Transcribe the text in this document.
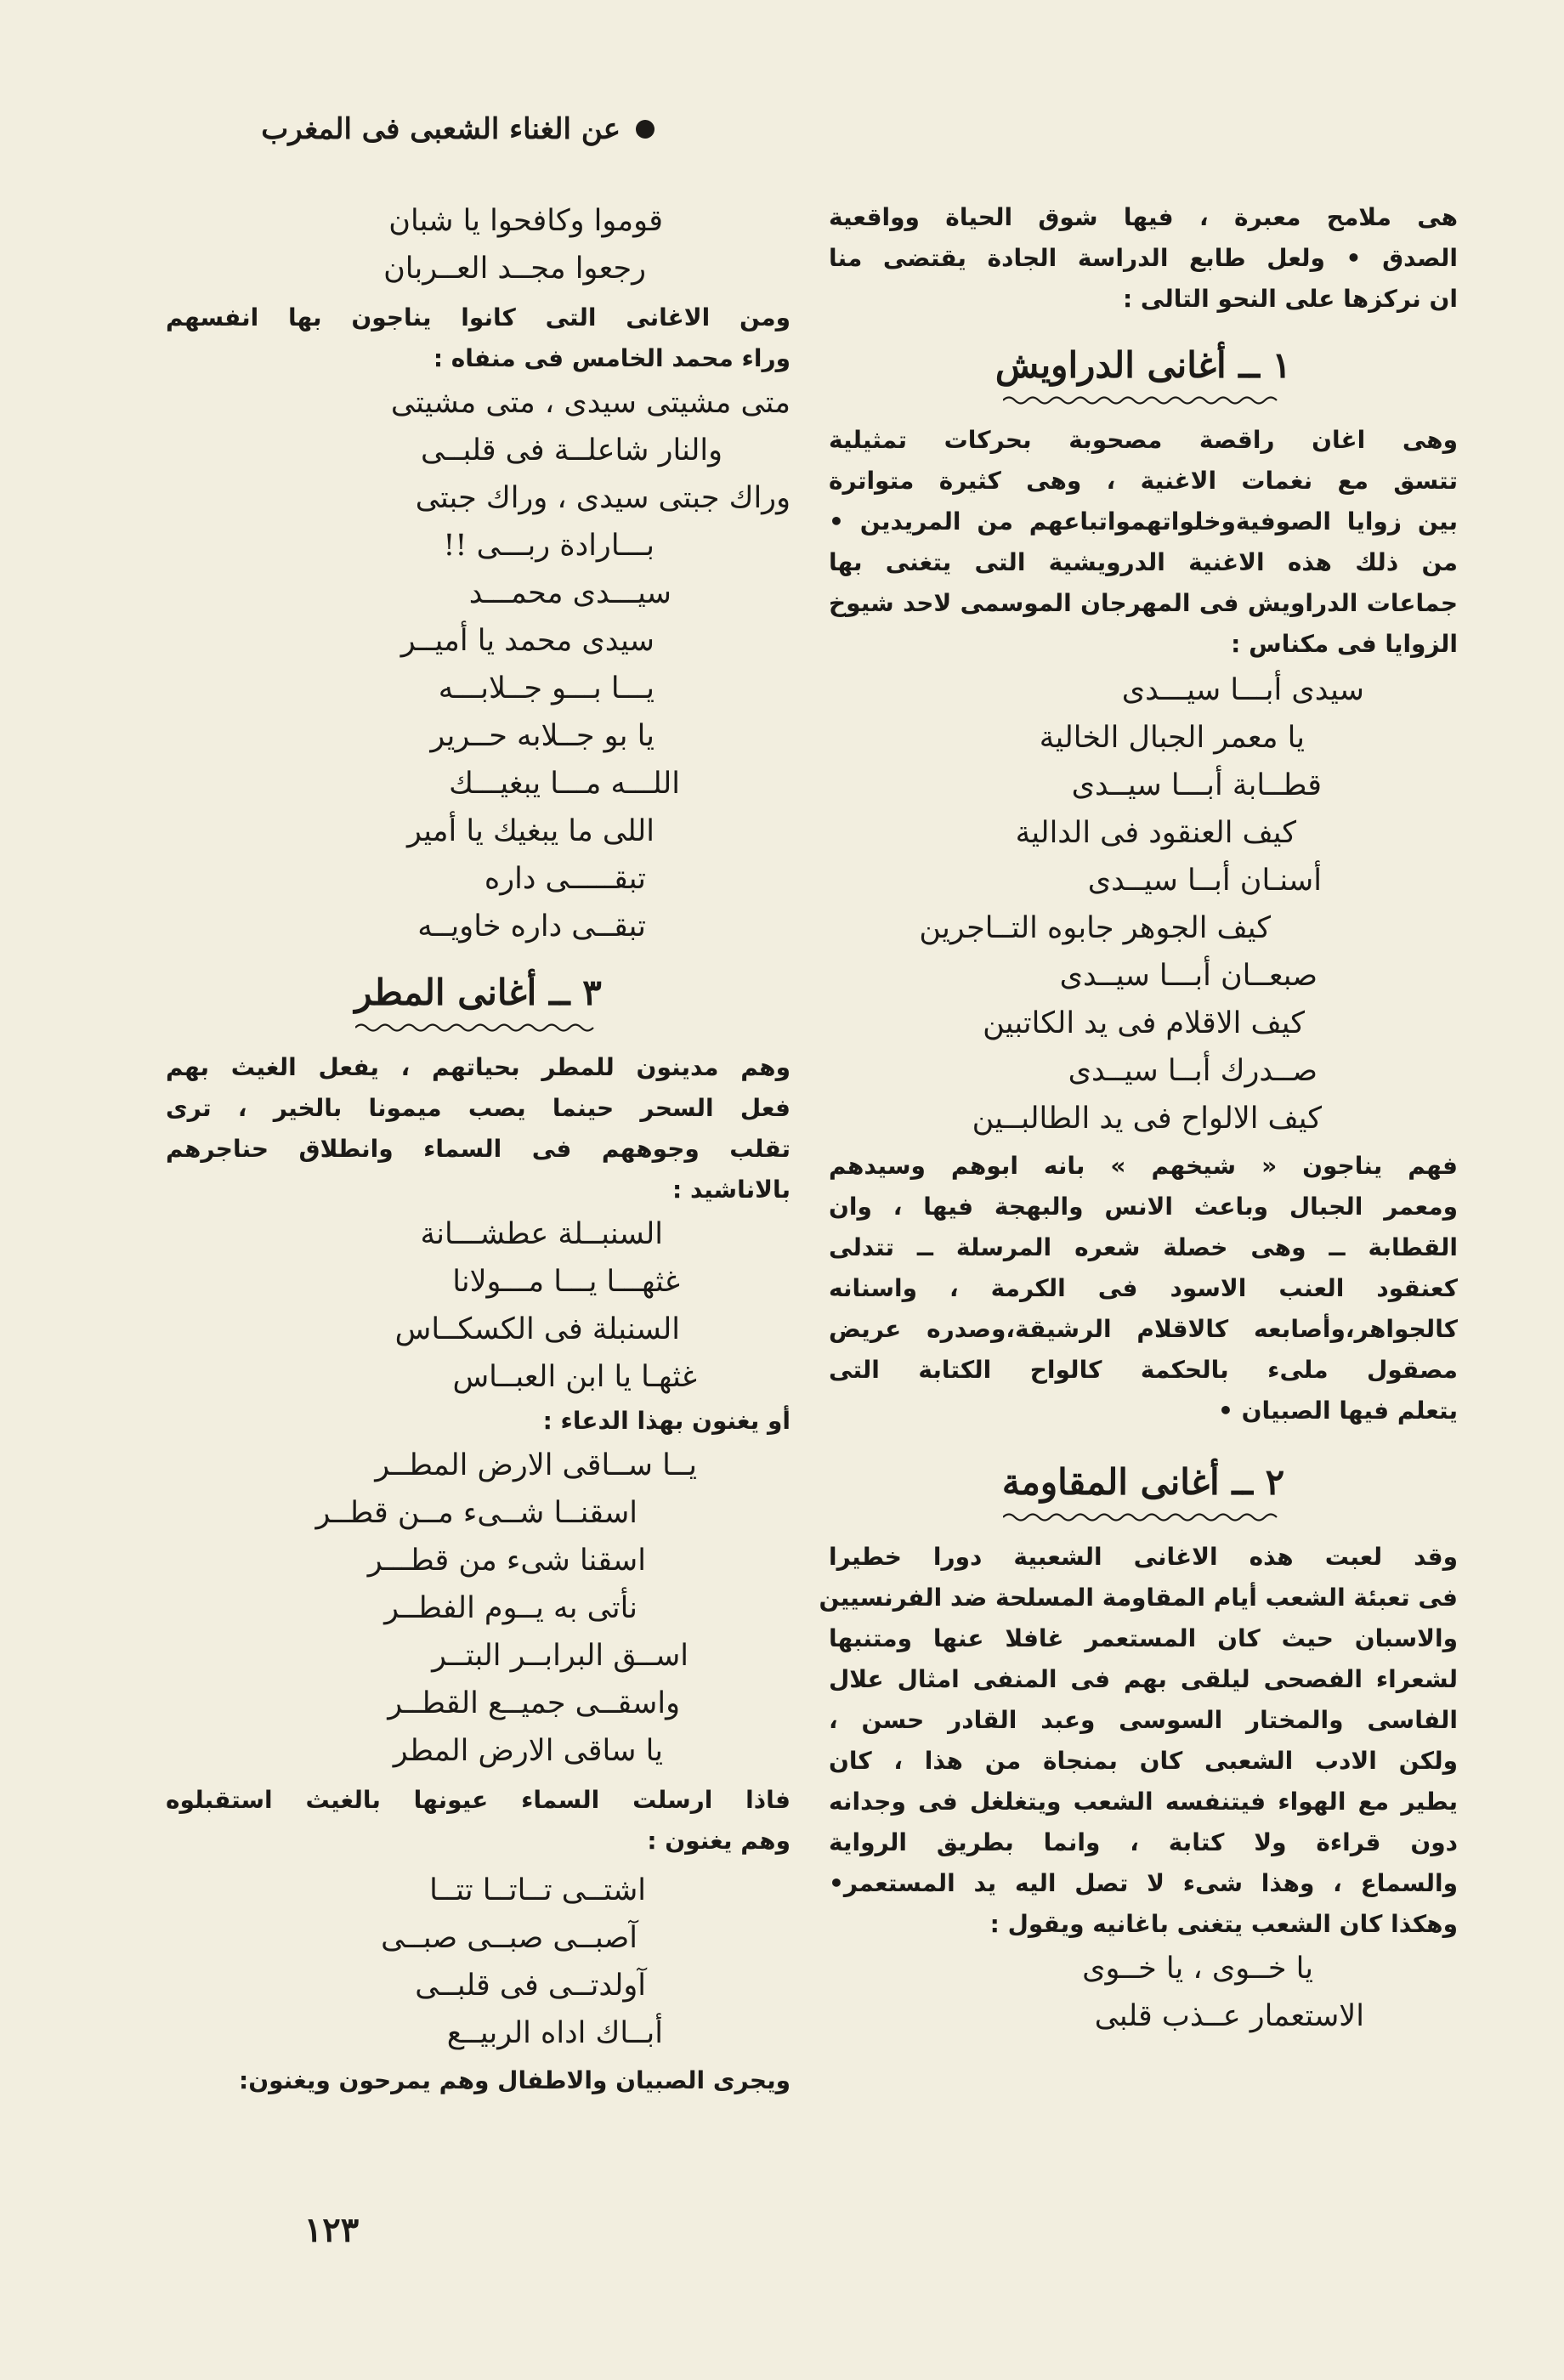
عن الغناء الشعبى فى المغرب

هى ملامح معبرة ، فيها شوق الحياة وواقعية
الصدق • ولعل طابع الدراسة الجادة يقتضى منا
ان نركزها على النحو التالى :

١ ــ أغانى الدراويش

وهى اغان راقصة مصحوبة بحركات تمثيلية
تتسق مع نغمات الاغنية ، وهى كثيرة متواترة
بين زوايا الصوفيةوخلواتهمواتباعهم من المريدين •
من ذلك هذه الاغنية الدرويشية التى يتغنى بها
جماعات الدراويش فى المهرجان الموسمى لاحد شيوخ
الزوايا فى مكناس :

سيدى أبـــا سيـــدى
يا معمر الجبال الخالية
قطــابة أبـــا سيــدى
كيف العنقود فى الدالية
أسنـان أبــا سيــدى
كيف الجوهر جابوه التــاجرين
صبعــان أبـــا سيــدى
كيف الاقلام فى يد الكاتبين
صــدرك أبــا سيــدى
كيف الالواح فى يد الطالبــين

فهم يناجون « شيخهم » بانه ابوهم وسيدهم
ومعمر الجبال وباعث الانس والبهجة فيها ، وان
القطابة ــ وهى خصلة شعره المرسلة ــ تتدلى
كعنقود العنب الاسود فى الكرمة ، واسنانه
كالجواهر،وأصابعه كالاقلام الرشيقة،وصدره عريض
مصقول ملىء بالحكمة كالواح الكتابة التى
يتعلم فيها الصبيان •

٢ ــ أغانى المقاومة

وقد لعبت هذه الاغانى الشعبية دورا خطيرا
فى تعبئة الشعب أيام المقاومة المسلحة ضد الفرنسيين
والاسبان حيث كان المستعمر غافلا عنها ومتنبها
لشعراء الفصحى ليلقى بهم فى المنفى امثال علال
الفاسى والمختار السوسى وعبد القادر حسن ،
ولكن الادب الشعبى كان بمنجاة من هذا ، كان
يطير مع الهواء فيتنفسه الشعب ويتغلغل فى وجدانه
دون قراءة ولا كتابة ، وانما بطريق الرواية
والسماع ، وهذا شىء لا تصل اليه يد المستعمر•
وهكذا كان الشعب يتغنى باغانيه ويقول :

يا خــوى ، يا خــوى
الاستعمار عــذب قلبى
قوموا وكافحوا يا شبان
رجعوا مجــد العــربان

ومن الاغانى التى كانوا يناجون بها انفسهم
وراء محمد الخامس فى منفاه :

متى مشيتى سيدى ، متى مشيتى
والنار شاعلــة فى قلبــى
وراك جبتى سيدى ، وراك جبتى
بـــارادة ربـــى !!
سيـــدى محمـــد
سيدى محمد يا أميــر
يـــا بـــو جــلابـــه
يا بو جــلابه حــرير
اللـــه مـــا يبغيـــك
اللى ما يبغيك يا أمير
تبقـــــى داره
تبقــى داره خاويــه
٣ ــ أغانى المطر

وهم مدينون للمطر بحياتهم ، يفعل الغيث بهم
فعل السحر حينما يصب ميمونا بالخير ، ترى
تقلب وجوههم فى السماء وانطلاق حناجرهم
بالاناشيد :

السنبــلة عطشـــانة
غثهـــا يـــا مـــولانا
السنبلة فى الكسكــاس
غثهـا يا ابن العبــاس

أو يغنون بهذا الدعاء :

يــا ســاقى الارض المطــر
اسقنــا شــىء مــن قطــر
اسقنا شىء من قطـــر
نأتى به يــوم الفطــر
اســق البرابــر البتــر
واسقــى جميــع القطــر
يا ساقى الارض المطر

فاذا ارسلت السماء عيونها بالغيث استقبلوه
وهم يغنون :

اشتــى تــاتــا تتــا
آصبــى صبــى صبــى
آولدتــى فى قلبــى
أبــاك اداه الربيــع

ويجرى الصبيان والاطفال وهم يمرحون ويغنون:

١٢٣
